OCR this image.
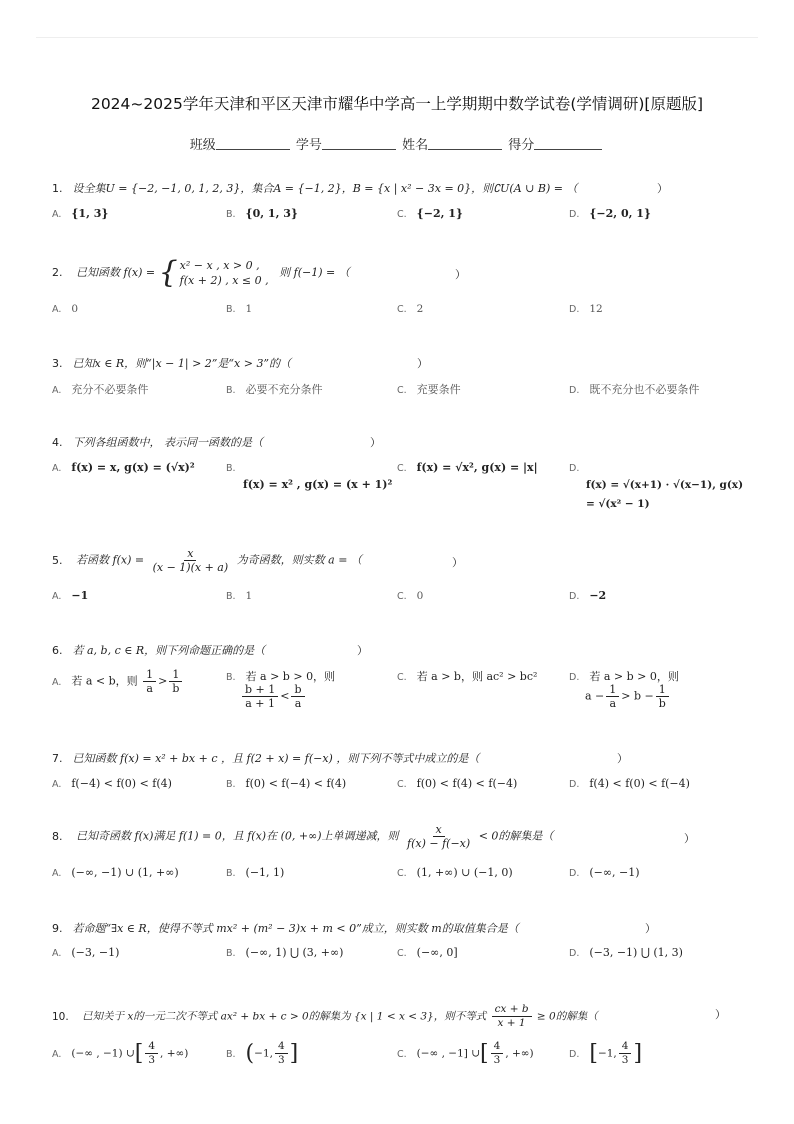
2024~2025学年天津和平区天津市耀华中学高一上学期期中数学试卷(学情调研)[原题版]
班级	学号	姓名	得分
1. 设全集U = {−2, −1, 0, 1, 2, 3}，集合A = {−1, 2}，B = {x | x² − 3x = 0}，则∁U(A ∪ B) = （	）
A. {1, 3}	B. {0, 1, 3}	C. {−2, 1}	D. {−2, 0, 1}
2. 已知函数 f(x) = { x² − x , x > 0 ,
f(x + 2) , x ≤ 0 ,
则 f(−1) = （	）
A. 0	B. 1	C. 2	D. 12
3. 已知x ∈ R，则“|x − 1| > 2”是“x > 3”的（	）
A. 充分不必要条件	B. 必要不充分条件	C. 充要条件	D. 既不充分也不必要条件
4. 下列各组函数中， 表示同一函数的是（	）
A. f(x) = x, g(x) = (√x)²	B.
f(x) = x² , g(x) = (x + 1)²
C. f(x) = √x², g(x) = |x|	D.
f(x) = √(x+1) · √(x−1), g(x)
= √(x² − 1)
5. 若函数 $f(x) = \frac{x}{(x - 1)(x + a)}$ 为奇函数，则实数 a = （	）
A. −1	B. 1	C. 0	D. −2
6. 若 a, b, c ∈ R，则下列命题正确的是（	）
A. 若 a < b，则 $\frac{1}{a} > \frac{1}{b}$	B. 若 a > b > 0，则
$\frac{b + 1}{a + 1} < \frac{b}{a}$
C. 若 a > b，则 ac² > bc²	D. 若 a > b > 0，则
$a - \frac{1}{a} > b - \frac{1}{b}$
7. 已知函数 f(x) = x² + bx + c ，且 f(2 + x) = f(−x) ，则下列不等式中成立的是（	）
A. f(−4) < f(0) < f(4)	B. f(0) < f(−4) < f(4)	C. f(0) < f(4) < f(−4)	D. f(4) < f(0) < f(−4)
8. 已知奇函数 f(x)满足 f(1) = 0，且 f(x)在 (0, +∞)上单调递减，则 $\frac{x}{f(x) - f(-x)} < 0$的解集是（	）
A. (−∞, −1) ∪ (1, +∞)	B. (−1, 1)	C. (1, +∞) ∪ (−1, 0)	D. (−∞, −1)
9. 若命题“∃x ∈ R，使得不等式 mx² + (m² − 3)x + m < 0”成立，则实数 m的取值集合是（	）
A. (−3, −1)	B. (−∞, 1) ⋃ (3, +∞)	C. (−∞, 0]	D. (−3, −1) ⋃ (1, 3)
10. 已知关于 x的一元二次不等式 ax² + bx + c > 0的解集为 {x | 1 < x < 3}，则不等式 $\frac{cx + b}{x + 1} \ge 0$的解集（	）
A. (−∞ , −1) ∪[ $\frac{4}{3}$ , +∞)	B. (−1, $\frac{4}{3}$ ]	C. (−∞ , −1] ∪[ $\frac{4}{3}$ , +∞)	D. [−1, $\frac{4}{3}$ ]
